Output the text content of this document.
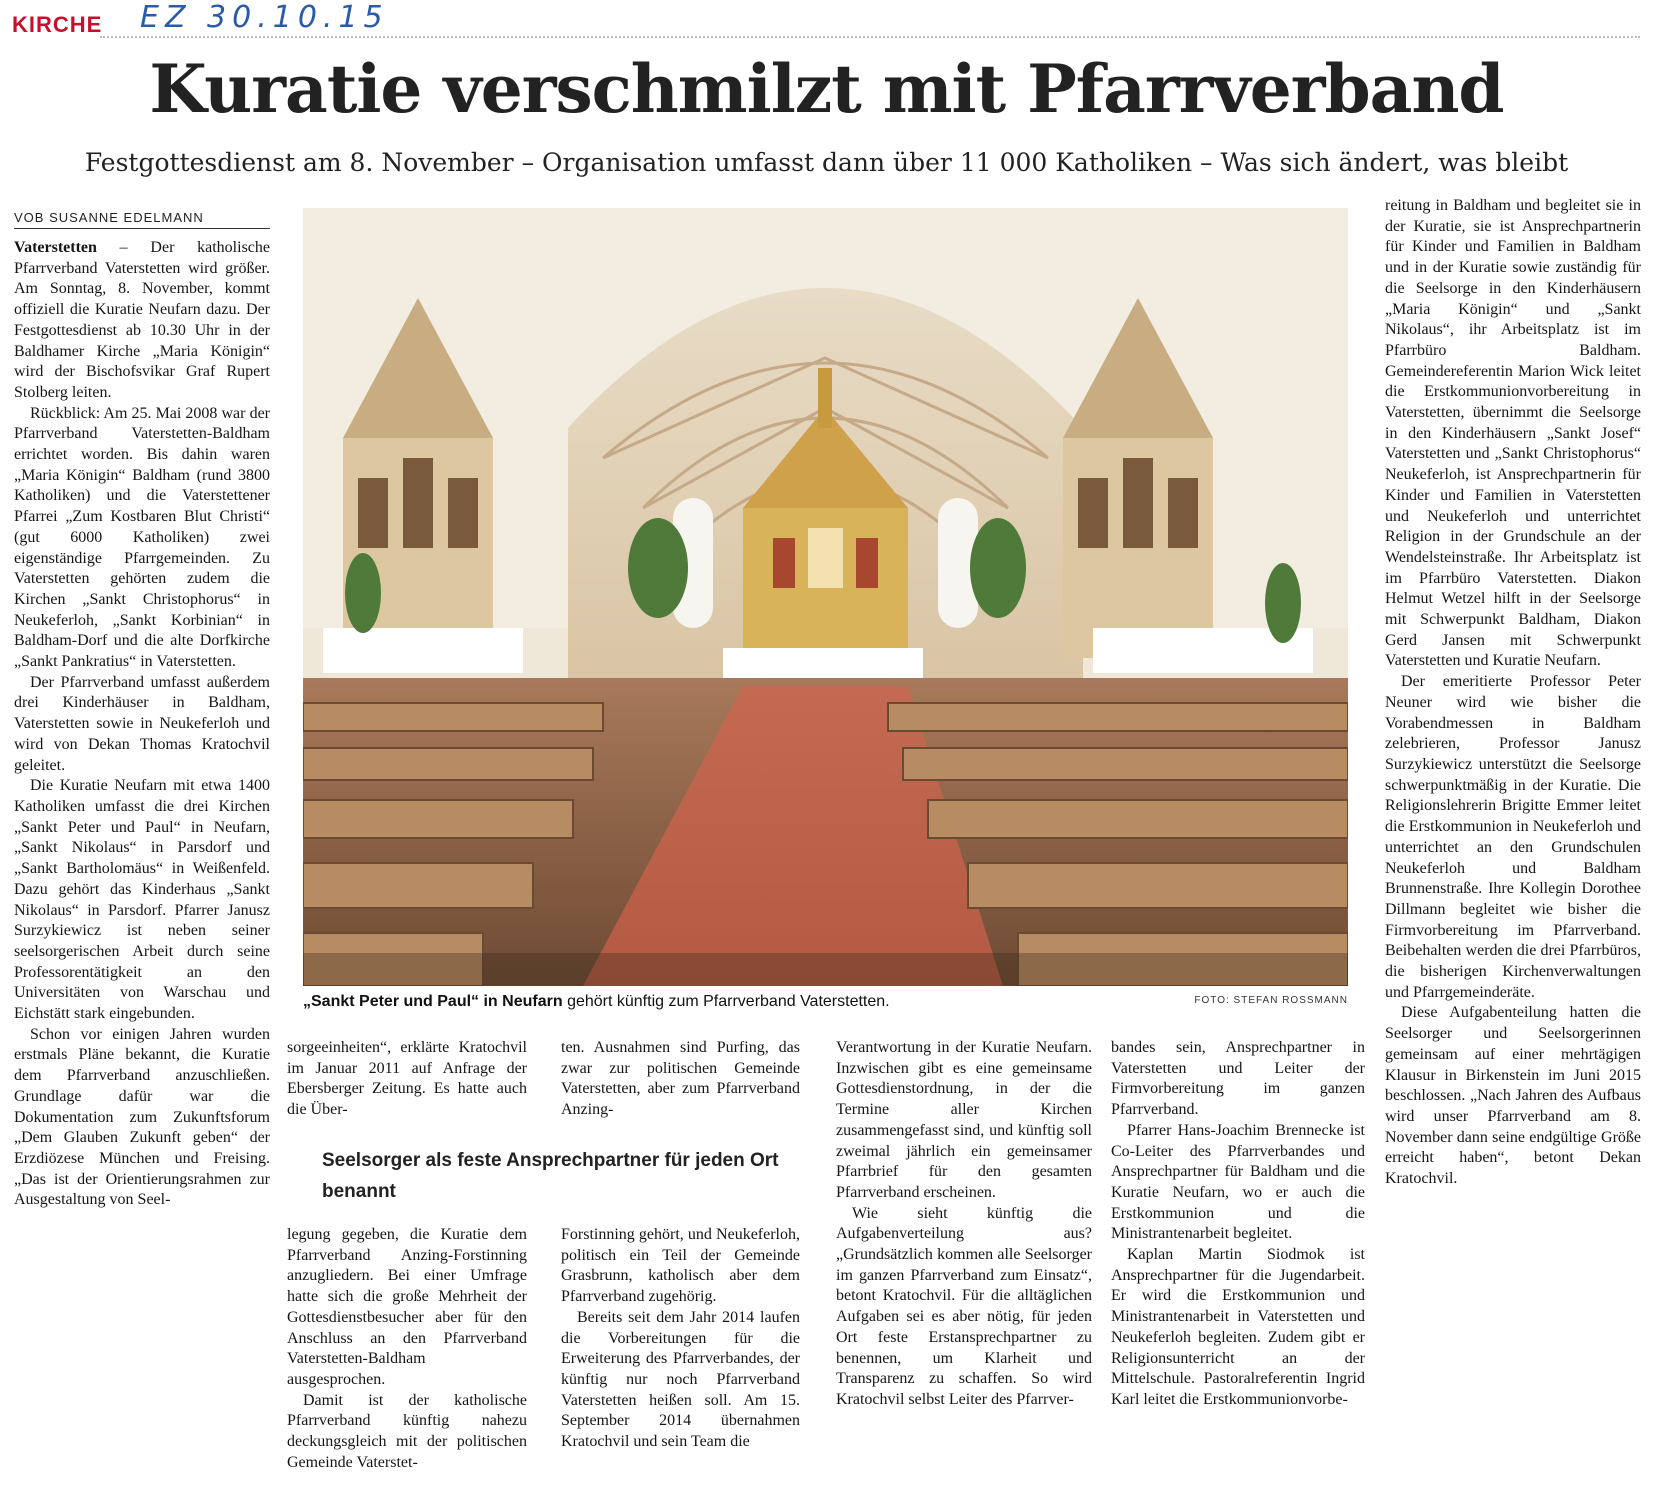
KIRCHE EZ 30.10.15
Kuratie verschmilzt mit Pfarrverband
Festgottesdienst am 8. November – Organisation umfasst dann über 11 000 Katholiken – Was sich ändert, was bleibt
VOB SUSANNE EDELMANN

Vaterstetten – Der katholische Pfarrverband Vaterstetten wird größer. Am Sonntag, 8. November, kommt offiziell die Kuratie Neufarn dazu. Der Festgottesdienst ab 10.30 Uhr in der Baldhamer Kirche „Maria Königin“ wird der Bischofsvikar Graf Rupert Stolberg leiten.

Rückblick: Am 25. Mai 2008 war der Pfarrverband Vaterstetten-Baldham errichtet worden. Bis dahin waren „Maria Königin“ Baldham (rund 3800 Katholiken) und die Vaterstettener Pfarrei „Zum Kostbaren Blut Christi“ (gut 6000 Katholiken) zwei eigenständige Pfarrgemeinden. Zu Vaterstetten gehörten zudem die Kirchen „Sankt Christophorus“ in Neukeferloh, „Sankt Korbinian“ in Baldham-Dorf und die alte Dorfkirche „Sankt Pankratius“ in Vaterstetten.

Der Pfarrverband umfasst außerdem drei Kinderhäuser in Baldham, Vaterstetten sowie in Neukeferloh und wird von Dekan Thomas Kratochvil geleitet.

Die Kuratie Neufarn mit etwa 1400 Katholiken umfasst die drei Kirchen „Sankt Peter und Paul“ in Neufarn, „Sankt Nikolaus“ in Parsdorf und „Sankt Bartholomäus“ in Weißenfeld. Dazu gehört das Kinderhaus „Sankt Nikolaus“ in Parsdorf. Pfarrer Janusz Surzykiewicz ist neben seiner seelsorgerischen Arbeit durch seine Professorentätigkeit an den Universitäten von Warschau und Eichstätt stark eingebunden.

Schon vor einigen Jahren wurden erstmals Pläne bekannt, die Kuratie dem Pfarrverband anzuschließen. Grundlage dafür war die Dokumentation zum Zukunftsforum „Dem Glauben Zukunft geben“ der Erzdiözese München und Freising. „Das ist der Orientierungsrahmen zur Ausgestaltung von Seel-

„Sankt Peter und Paul“ in Neufarn gehört künftig zum Pfarrverband Vaterstetten.	FOTO: STEFAN ROSSMANN

sorgeeinheiten“, erklärte Kratochvil im Januar 2011 auf Anfrage der Ebersberger Zeitung. Es hatte auch die Über-

ten. Ausnahmen sind Purfing, das zwar zur politischen Gemeinde Vaterstetten, aber zum Pfarrverband Anzing-

Seelsorger als feste Ansprechpartner für jeden Ort benannt

legung gegeben, die Kuratie dem Pfarrverband Anzing-Forstinning anzugliedern. Bei einer Umfrage hatte sich die große Mehrheit der Gottesdienstbesucher aber für den Anschluss an den Pfarrverband Vaterstetten-Baldham ausgesprochen.

Damit ist der katholische Pfarrverband künftig nahezu deckungsgleich mit der politischen Gemeinde Vaterstet-

Forstinning gehört, und Neukeferloh, politisch ein Teil der Gemeinde Grasbrunn, katholisch aber dem Pfarrverband zugehörig.

Bereits seit dem Jahr 2014 laufen die Vorbereitungen für die Erweiterung des Pfarrverbandes, der künftig nur noch Pfarrverband Vaterstetten heißen soll. Am 15. September 2014 übernahmen Kratochvil und sein Team die

Verantwortung in der Kuratie Neufarn. Inzwischen gibt es eine gemeinsame Gottesdienstordnung, in der die Termine aller Kirchen zusammengefasst sind, und künftig soll zweimal jährlich ein gemeinsamer Pfarrbrief für den gesamten Pfarrverband erscheinen.

Wie sieht künftig die Aufgabenverteilung aus? „Grundsätzlich kommen alle Seelsorger im ganzen Pfarrverband zum Einsatz“, betont Kratochvil. Für die alltäglichen Aufgaben sei es aber nötig, für jeden Ort feste Erstansprechpartner zu benennen, um Klarheit und Transparenz zu schaffen. So wird Kratochvil selbst Leiter des Pfarrver-

bandes sein, Ansprechpartner in Vaterstetten und Leiter der Firmvorbereitung im ganzen Pfarrverband.

Pfarrer Hans-Joachim Brennecke ist Co-Leiter des Pfarrverbandes und Ansprechpartner für Baldham und die Kuratie Neufarn, wo er auch die Erstkommunion und die Ministrantenarbeit begleitet.

Kaplan Martin Siodmok ist Ansprechpartner für die Jugendarbeit. Er wird die Erstkommunion und Ministrantenarbeit in Vaterstetten und Neukeferloh begleiten. Zudem gibt er Religionsunterricht an der Mittelschule. Pastoralreferentin Ingrid Karl leitet die Erstkommunionvorbe-

reitung in Baldham und begleitet sie in der Kuratie, sie ist Ansprechpartnerin für Kinder und Familien in Baldham und in der Kuratie sowie zuständig für die Seelsorge in den Kinderhäusern „Maria Königin“ und „Sankt Nikolaus“, ihr Arbeitsplatz ist im Pfarrbüro Baldham. Gemeindereferentin Marion Wick leitet die Erstkommunionvorbereitung in Vaterstetten, übernimmt die Seelsorge in den Kinderhäusern „Sankt Josef“ Vaterstetten und „Sankt Christophorus“ Neukeferloh, ist Ansprechpartnerin für Kinder und Familien in Vaterstetten und Neukeferloh und unterrichtet Religion in der Grundschule an der Wendelsteinstraße. Ihr Arbeitsplatz ist im Pfarrbüro Vaterstetten. Diakon Helmut Wetzel hilft in der Seelsorge mit Schwerpunkt Baldham, Diakon Gerd Jansen mit Schwerpunkt Vaterstetten und Kuratie Neufarn.

Der emeritierte Professor Peter Neuner wird wie bisher die Vorabendmessen in Baldham zelebrieren, Professor Janusz Surzykiewicz unterstützt die Seelsorge schwerpunktmäßig in der Kuratie. Die Religionslehrerin Brigitte Emmer leitet die Erstkommunion in Neukeferloh und unterrichtet an den Grundschulen Neukeferloh und Baldham Brunnenstraße. Ihre Kollegin Dorothee Dillmann begleitet wie bisher die Firmvorbereitung im Pfarrverband. Beibehalten werden die drei Pfarrbüros, die bisherigen Kirchenverwaltungen und Pfarrgemeinderäte.

Diese Aufgabenteilung hatten die Seelsorger und Seelsorgerinnen gemeinsam auf einer mehrtägigen Klausur in Birkenstein im Juni 2015 beschlossen. „Nach Jahren des Aufbaus wird unser Pfarrverband am 8. November dann seine endgültige Größe erreicht haben“, betont Dekan Kratochvil.
